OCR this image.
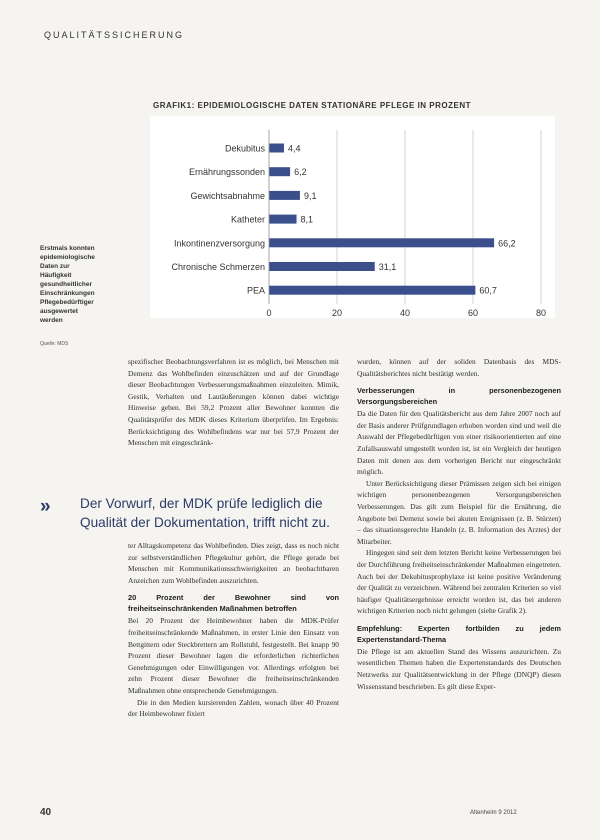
QUALITÄTSSICHERUNG
GRAFIK1: EPIDEMIOLOGISCHE DATEN STATIONÄRE PFLEGE IN PROZENT
0	20	40	60	80
Dekubitus	4,4
Ernährungssonden	6,2
Gewichtsabnahme	9,1
Katheter	8,1
Inkontinenzversorgung	66,2
Chronische Schmerzen	31,1
PEA	60,7
Erstmals konnten epidemiologische Daten zur Häufigkeit gesundheitlicher Einschränkungen Pflegebedürftiger ausgewertet werden
Quelle: MDS

spezifischer Beobachtungsverfahren ist es möglich, bei Menschen mit Demenz das Wohlbefinden einzuschätzen und auf der Grundlage dieser Beobachtungen Verbesserungsmaßnahmen einzuleiten. Mimik, Gestik, Verhalten und Lautäußerungen können dabei wichtige Hinweise geben. Bei 59,2 Prozent aller Bewohner konnten die Qualitätsprüfer des MDK dieses Kriterium überprüfen. Im Ergebnis: Berücksichtigung des Wohlbefindens war nur bei 57,9 Prozent der Menschen mit eingeschränk-

» Der Vorwurf, der MDK prüfe lediglich die Qualität der Dokumentation, trifft nicht zu.

ter Alltagskompetenz das Wohlbefinden. Dies zeigt, dass es noch nicht zur selbstverständlichen Pflegekultur gehört, die Pflege gerade bei Menschen mit Kommunikationsschwierigkeiten an beobachtbaren Anzeichen zum Wohlbefinden auszurichten.

20 Prozent der Bewohner sind von freiheitseinschränkenden Maßnahmen betroffen

Bei 20 Prozent der Heimbewohner haben die MDK-Prüfer freiheitseinschränkende Maßnahmen, in erster Linie den Einsatz von Bettgittern oder Steckbrettern am Rollstuhl, festgestellt. Bei knapp 90 Prozent dieser Bewohner lagen die erforderlichen richterlichen Genehmigungen oder Einwilligungen vor. Allerdings erfolgten bei zehn Prozent dieser Bewohner die freiheitseinschränkenden Maßnahmen ohne entsprechende Genehmigungen.

Die in den Medien kursierenden Zahlen, wonach über 40 Prozent der Heimbewohner fixiert

wurden, können auf der soliden Datenbasis des MDS-Qualitätsberichtes nicht bestätigt werden.

Verbesserungen in personenbezogenen Versorgungsbereichen

Da die Daten für den Qualitätsbericht aus dem Jahre 2007 noch auf der Basis anderer Prüfgrundlagen erhoben worden sind und weil die Auswahl der Pflegebedürftigen von einer risikoorientierten auf eine Zufallsauswahl umgestellt worden ist, ist ein Vergleich der heutigen Daten mit denen aus dem vorherigen Bericht nur eingeschränkt möglich.

Unter Berücksichtigung dieser Prämissen zeigen sich bei einigen wichtigen personenbezogenen Versorgungsbereichen Verbesserungen. Das gilt zum Beispiel für die Ernährung, die Angebote bei Demenz sowie bei akuten Ereignissen (z. B. Stürzen) – das situationsgerechte Handeln (z. B. Information des Arztes) der Mitarbeiter.

Hingegen sind seit dem letzten Bericht keine Verbesserungen bei der Durchführung freiheitseinschränkender Maßnahmen eingetreten. Auch bei der Dekubitusprophylaxe ist keine positive Veränderung der Qualität zu verzeichnen. Während bei zentralen Kriterien so viel häufiger Qualitätsergebnisse erreicht worden ist, das bei anderen wichtigen Kriterien noch nicht gelungen (siehe Grafik 2).

Empfehlung: Experten fortbilden zu jedem Expertenstandard-Thema

Die Pflege ist am aktuellen Stand des Wissens auszurichten. Zu wesentlichen Themen haben die Expertenstandards des Deutschen Netzwerks zur Qualitätsentwicklung in der Pflege (DNQP) diesen Wissensstand beschrieben. Es gilt diese Exper-

40	Altenheim 9 2012
